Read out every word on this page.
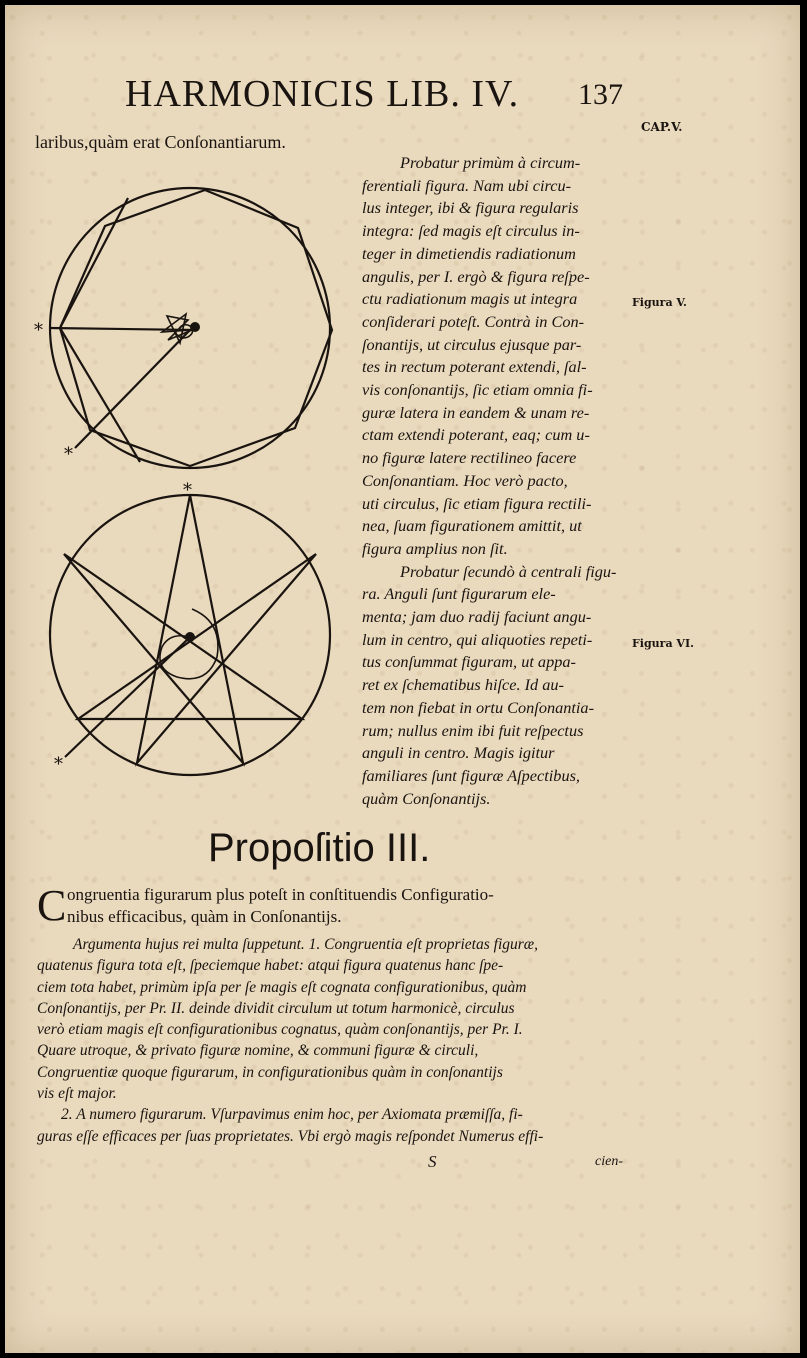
HARMONICIS LIB. IV. 137
CAP.V.
laribus,quàm erat Conſonantiarum.
*
*
*
*
Probatur primùm à circum-
ferentiali figura. Nam ubi circu-
lus integer, ibi & figura regularis
integra: ſed magis eſt circulus in-
teger in dimetiendis radiationum
angulis, per I. ergò & figura reſpe-
ctu radiationum magis ut integra
conſiderari poteſt. Contrà in Con-
ſonantijs, ut circulus ejusque par-
tes in rectum poterant extendi, ſal-
vis conſonantijs, ſic etiam omnia fi-
guræ latera in eandem & unam re-
ctam extendi poterant, eaq; cum u-
no figuræ latere rectilineo facere
Conſonantiam. Hoc verò pacto,
uti circulus, ſic etiam figura rectili-
nea, ſuam figurationem amittit, ut
figura amplius non ſit.
Probatur ſecundò à centrali figu-
ra. Anguli ſunt figurarum ele-
menta; jam duo radij faciunt angu-
lum in centro, qui aliquoties repeti-
tus conſummat figuram, ut appa-
ret ex ſchematibus hiſce. Id au-
tem non fiebat in ortu Conſonantia-
rum; nullus enim ibi fuit reſpectus
anguli in centro. Magis igitur
familiares ſunt figuræ Aſpectibus,
quàm Conſonantijs.
Figura V.
Figura VI.
Propoſitio III.
C ongruentia figurarum plus poteſt in conſtituendis Configuratio-
nibus efficacibus, quàm in Conſonantijs.
Argumenta hujus rei multa ſuppetunt. 1. Congruentia eſt proprietas figuræ,
quatenus figura tota eſt, ſpeciemque habet: atqui figura quatenus hanc ſpe-
ciem tota habet, primùm ipſa per ſe magis eſt cognata configurationibus, quàm
Conſonantijs, per Pr. II. deinde dividit circulum ut totum harmonicè, circulus
verò etiam magis eſt configurationibus cognatus, quàm conſonantijs, per Pr. I.
Quare utroque, & privato figuræ nomine, & communi figuræ & circuli,
Congruentiæ quoque figurarum, in configurationibus quàm in conſonantijs
vis eſt major.
2. A numero figurarum. Vſurpavimus enim hoc, per Axiomata præmiſſa, fi-
guras eſſe efficaces per ſuas proprietates. Vbi ergò magis reſpondet Numerus effi-
S	cien-
